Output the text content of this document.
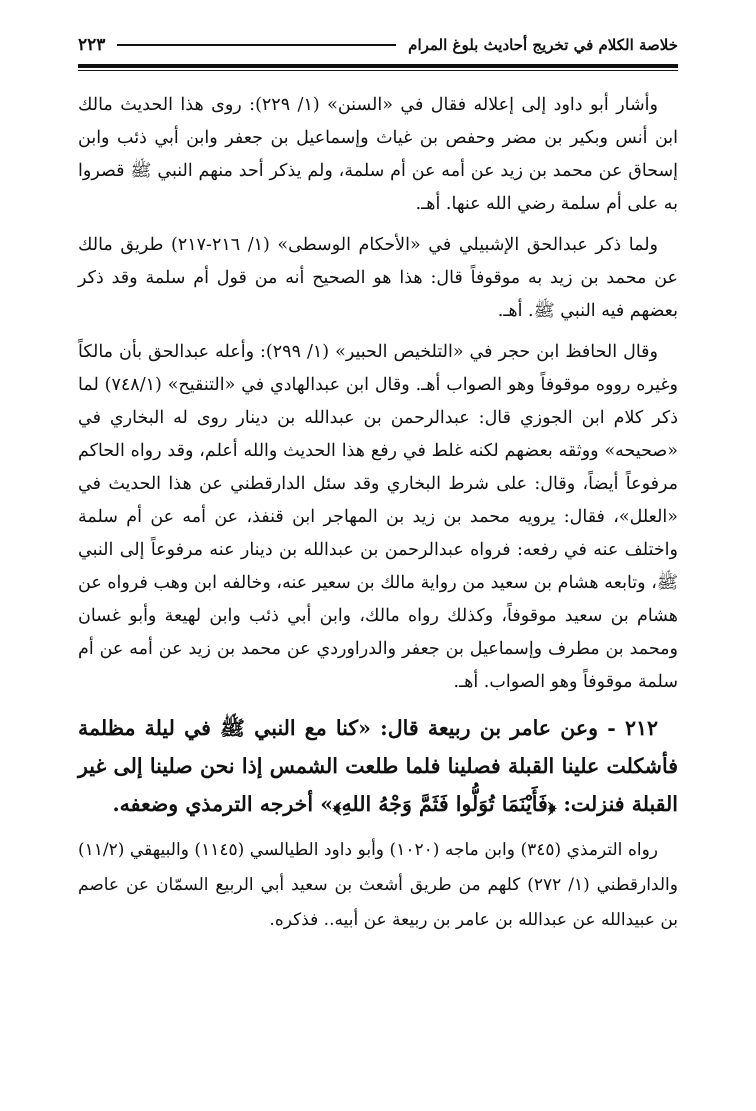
خلاصة الكلام في تخريج أحاديث بلوغ المرام
٢٢٣

وأشار أبو داود إلى إعلاله فقال في «السنن» (١/ ٢٢٩): روى هذا الحديث مالك ابن أنس وبكير بن مضر وحفص بن غياث وإسماعيل بن جعفر وابن أبي ذئب وابن إسحاق عن محمد بن زيد عن أمه عن أم سلمة، ولم يذكر أحد منهم النبي ﷺ قصروا به على أم سلمة رضي الله عنها. أهـ.

ولما ذكر عبدالحق الإشبيلي في «الأحكام الوسطى» (١/ ٢١٦-٢١٧) طريق مالك عن محمد بن زيد به موقوفاً قال: هذا هو الصحيح أنه من قول أم سلمة وقد ذكر بعضهم فيه النبي ﷺ. أهـ.

وقال الحافظ ابن حجر في «التلخيص الحبير» (١/ ٢٩٩): وأعله عبدالحق بأن مالكاً وغيره رووه موقوفاً وهو الصواب أهـ. وقال ابن عبدالهادي في «التنقيح» (٧٤٨/١) لما ذكر كلام ابن الجوزي قال: عبدالرحمن بن عبدالله بن دينار روى له البخاري في «صحيحه» ووثقه بعضهم لكنه غلط في رفع هذا الحديث والله أعلم، وقد رواه الحاكم مرفوعاً أيضاً، وقال: على شرط البخاري وقد سئل الدارقطني عن هذا الحديث في «العلل»، فقال: يرويه محمد بن زيد بن المهاجر ابن قنفذ، عن أمه عن أم سلمة واختلف عنه في رفعه: فرواه عبدالرحمن بن عبدالله بن دينار عنه مرفوعاً إلى النبي ﷺ، وتابعه هشام بن سعيد من رواية مالك بن سعير عنه، وخالفه ابن وهب فرواه عن هشام بن سعيد موقوفاً، وكذلك رواه مالك، وابن أبي ذئب وابن لهيعة وأبو غسان ومحمد بن مطرف وإسماعيل بن جعفر والدراوردي عن محمد بن زيد عن أمه عن أم سلمة موقوفاً وهو الصواب. أهـ.

٢١٢ - وعن عامر بن ربيعة قال: «كنا مع النبي ﷺ في ليلة مظلمة فأشكلت علينا القبلة فصلينا فلما طلعت الشمس إذا نحن صلينا إلى غير القبلة فنزلت: ﴿فَأَيْنَمَا تُوَلُّوا فَثَمَّ وَجْهُ اللهِ﴾» أخرجه الترمذي وضعفه.

رواه الترمذي (٣٤٥) وابن ماجه (١٠٢٠) وأبو داود الطيالسي (١١٤٥) والبيهقي (١١/٢) والدارقطني (١/ ٢٧٢) كلهم من طريق أشعث بن سعيد أبي الربيع السمّان عن عاصم بن عبيدالله عن عبدالله بن عامر بن ربيعة عن أبيه.. فذكره.
